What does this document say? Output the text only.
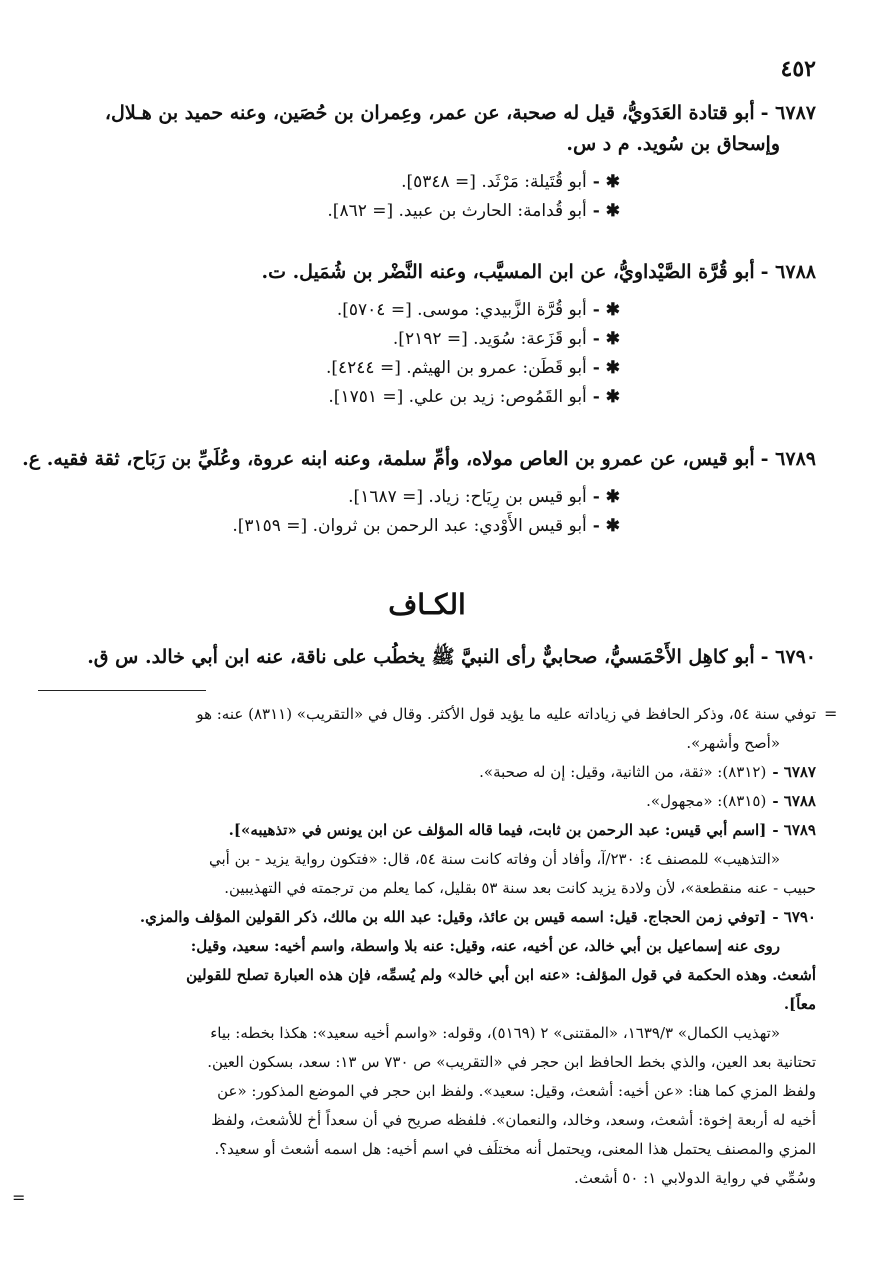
٤٥٢
٦٧٨٧ -أبو قتادة العَدَويُّ، قيل له صحبة، عن عمر، وعِمران بن حُصَين، وعنه حميد بن هـلال،
وإسحاق بن سُويد. م د س.
✱ -أبو قُتَيلة: مَرْثَد. [= ٥٣٤٨].
✱ -أبو قُدامة: الحارث بن عبيد. [= ٨٦٢].
٦٧٨٨ -أبو قُرَّة الصَّيْداويُّ، عن ابن المسيَّب، وعنه النَّضْر بن شُمَيل. ت.
✱ -أبو قُرَّة الزَّبيدي: موسى. [= ٥٧٠٤].
✱ -أبو قَزَعة: سُوَيد. [= ٢١٩٢].
✱ -أبو قَطَن: عمرو بن الهيثم. [= ٤٢٤٤].
✱ -أبو القَمُوص: زيد بن علي. [= ١٧٥١].
٦٧٨٩ -أبو قيس، عن عمرو بن العاص مولاه، وأمِّ سلمة، وعنه ابنه عروة، وعُلَيِّ بن رَبَاح، ثقة فقيه. ع.
✱ -أبو قيس بن رِيَاح: زياد. [= ١٦٨٧].
✱ -أبو قيس الأَوْدي: عبد الرحمن بن ثروان. [= ٣١٥٩].
الكـاف
٦٧٩٠ -أبو كاهِل الأَحْمَسيُّ، صحابيٌّ رأى النبيَّ ﷺ يخطُب على ناقة، عنه ابن أبي خالد. س ق.
توفي سنة ٥٤، وذكر الحافظ في زياداته عليه ما يؤيد قول الأكثر. وقال في «التقريب» (٨٣١١) عنه: هو
«أصح وأشهر».
٦٧٨٧ -(٨٣١٢): «ثقة، من الثانية، وقيل: إن له صحبة».
٦٧٨٨ -(٨٣١٥): «مجهول».
٦٧٨٩ -[اسم أبي قيس: عبد الرحمن بن ثابت، فيما قاله المؤلف عن ابن يونس في «تذهيبه»].
«التذهيب» للمصنف ٤: ٢٣٠/آ، وأفاد أن وفاته كانت سنة ٥٤، قال: «فتكون رواية يزيد - بن أبي
حبيب - عنه منقطعة»، لأن ولادة يزيد كانت بعد سنة ٥٣ بقليل، كما يعلم من ترجمته في التهذيبين.
٦٧٩٠ -[توفي زمن الحجاج. قيل: اسمه قيس بن عائذ، وقيل: عبد الله بن مالك، ذكر القولين المؤلف والمزي.
روى عنه إسماعيل بن أبي خالد، عن أخيه، عنه، وقيل: عنه بلا واسطة، واسم أخيه: سعيد، وقيل:
أشعث. وهذه الحكمة في قول المؤلف: «عنه ابن أبي خالد» ولم يُسمِّه، فإن هذه العبارة تصلح للقولين
معاً].
«تهذيب الكمال» ١٦٣٩/٣، «المقتنى» ٢ (٥١٦٩)، وقوله: «واسم أخيه سعيد»: هكذا بخطه: بياء
تحتانية بعد العين، والذي بخط الحافظ ابن حجر في «التقريب» ص ٧٣٠ س ١٣: سعد، بسكون العين.
ولفظ المزي كما هنا: «عن أخيه: أشعث، وقيل: سعيد». ولفظ ابن حجر في الموضع المذكور: «عن
أخيه له أربعة إخوة: أشعث، وسعد، وخالد، والنعمان». فلفظه صريح في أن سعداً أخ للأشعث، ولفظ
المزي والمصنف يحتمل هذا المعنى، ويحتمل أنه مختلَف في اسم أخيه: هل اسمه أشعث أو سعيد؟.
وسُمِّي في رواية الدولابي ١: ٥٠ أشعث.
=
=
